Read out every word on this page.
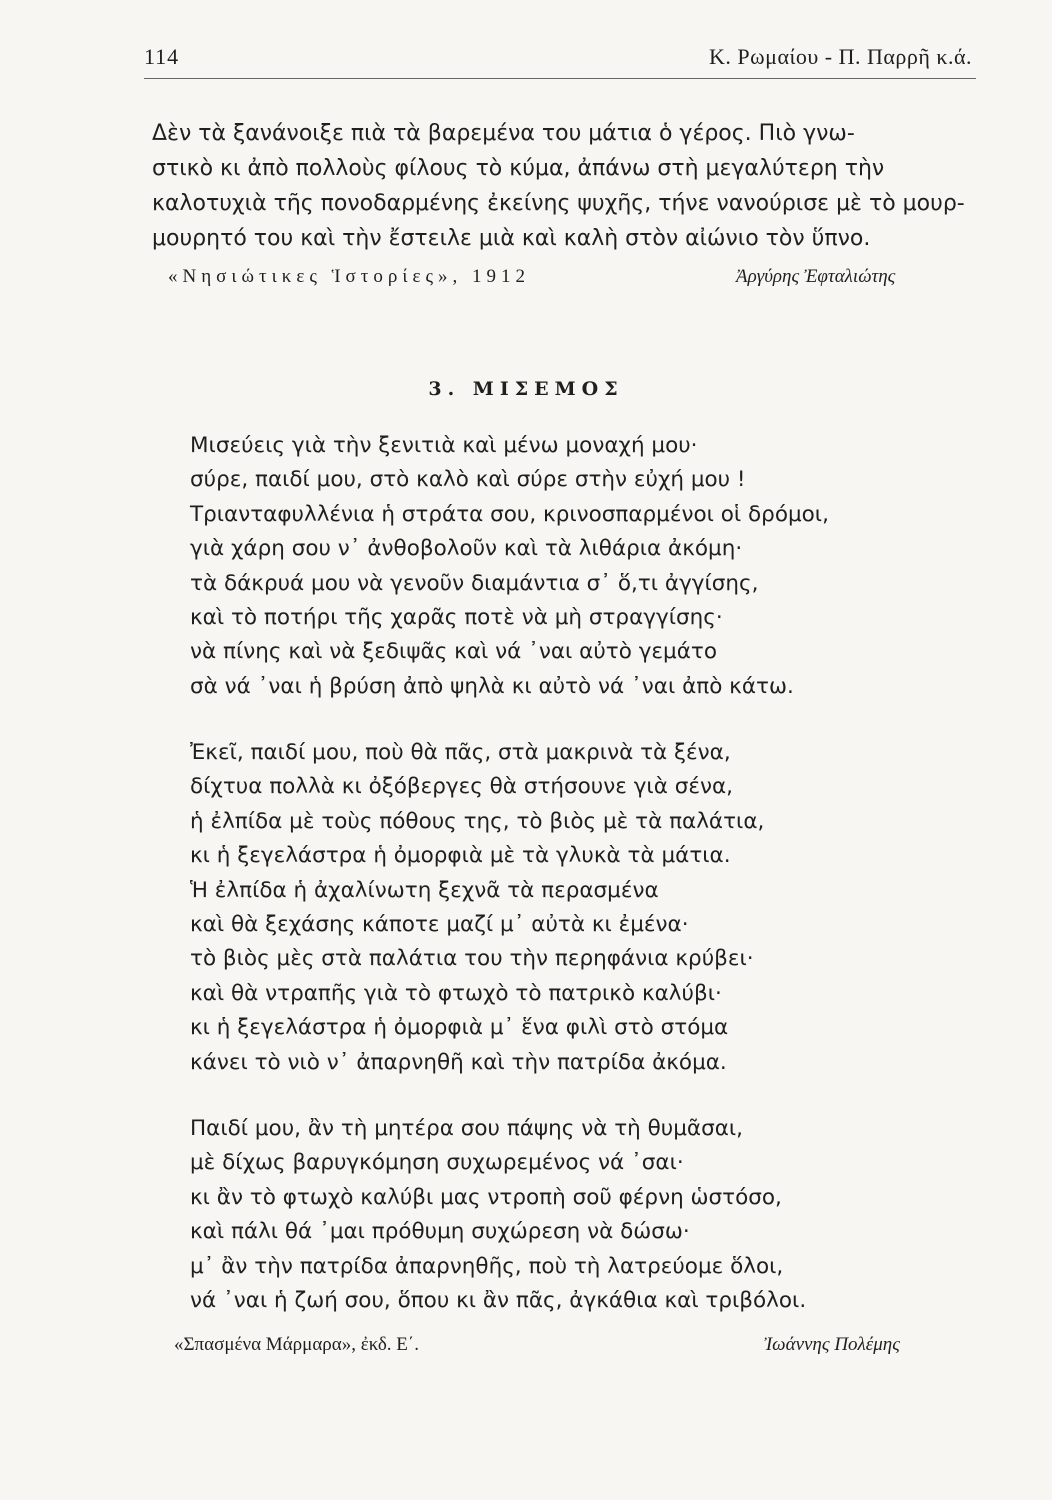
114	Κ. Ρωμαίου - Π. Παρρῆ κ.ά.
Δὲν τὰ ξανάνοιξε πιὰ τὰ βαρεμένα του μάτια ὁ γέρος. Πιὸ γνω-
στικὸ κι ἀπὸ πολλοὺς φίλους τὸ κύμα, ἀπάνω στὴ μεγαλύτερη τὴν
καλοτυχιὰ τῆς πονοδαρμένης ἐκείνης ψυχῆς, τήνε νανούρισε μὲ τὸ μουρ-
μουρητό του καὶ τὴν ἔστειλε μιὰ καὶ καλὴ στὸν αἰώνιο τὸν ὕπνο.
«Νησιώτικες Ἱστορίες», 1912	Ἀργύρης Ἐφταλιώτης
3. ΜΙΣΕΜΟΣ
Μισεύεις γιὰ τὴν ξενιτιὰ καὶ μένω μοναχή μου·
σύρε, παιδί μου, στὸ καλὸ καὶ σύρε στὴν εὐχή μου !
Τριανταφυλλένια ἡ στράτα σου, κρινοσπαρμένοι οἱ δρόμοι,
γιὰ χάρη σου ν᾽ ἀνθοβολοῦν καὶ τὰ λιθάρια ἀκόμη·
τὰ δάκρυά μου νὰ γενοῦν διαμάντια σ᾽ ὅ,τι ἀγγίσης,
καὶ τὸ ποτήρι τῆς χαρᾶς ποτὲ νὰ μὴ στραγγίσης·
νὰ πίνης καὶ νὰ ξεδιψᾶς καὶ νά ᾽ναι αὐτὸ γεμάτο
σὰ νά ᾽ναι ἡ βρύση ἀπὸ ψηλὰ κι αὐτὸ νά ᾽ναι ἀπὸ κάτω.
Ἐκεῖ, παιδί μου, ποὺ θὰ πᾶς, στὰ μακρινὰ τὰ ξένα,
δίχτυα πολλὰ κι ὀξόβεργες θὰ στήσουνε γιὰ σένα,
ἡ ἐλπίδα μὲ τοὺς πόθους της, τὸ βιὸς μὲ τὰ παλάτια,
κι ἡ ξεγελάστρα ἡ ὀμορφιὰ μὲ τὰ γλυκὰ τὰ μάτια.
Ἡ ἐλπίδα ἡ ἀχαλίνωτη ξεχνᾶ τὰ περασμένα
καὶ θὰ ξεχάσης κάποτε μαζί μ᾽ αὐτὰ κι ἐμένα·
τὸ βιὸς μὲς στὰ παλάτια του τὴν περηφάνια κρύβει·
καὶ θὰ ντραπῆς γιὰ τὸ φτωχὸ τὸ πατρικὸ καλύβι·
κι ἡ ξεγελάστρα ἡ ὀμορφιὰ μ᾽ ἕνα φιλὶ στὸ στόμα
κάνει τὸ νιὸ ν᾽ ἀπαρνηθῆ καὶ τὴν πατρίδα ἀκόμα.
Παιδί μου, ἂν τὴ μητέρα σου πάψης νὰ τὴ θυμᾶσαι,
μὲ δίχως βαρυγκόμηση συχωρεμένος νά ᾽σαι·
κι ἂν τὸ φτωχὸ καλύβι μας ντροπὴ σοῦ φέρνη ὡστόσο,
καὶ πάλι θά ᾽μαι πρόθυμη συχώρεση νὰ δώσω·
μ᾽ ἂν τὴν πατρίδα ἀπαρνηθῆς, ποὺ τὴ λατρεύομε ὅλοι,
νά ᾽ναι ἡ ζωή σου, ὅπου κι ἂν πᾶς, ἀγκάθια καὶ τριβόλοι.
«Σπασμένα Μάρμαρα», ἐκδ. Ε΄.	Ἰωάννης Πολέμης
